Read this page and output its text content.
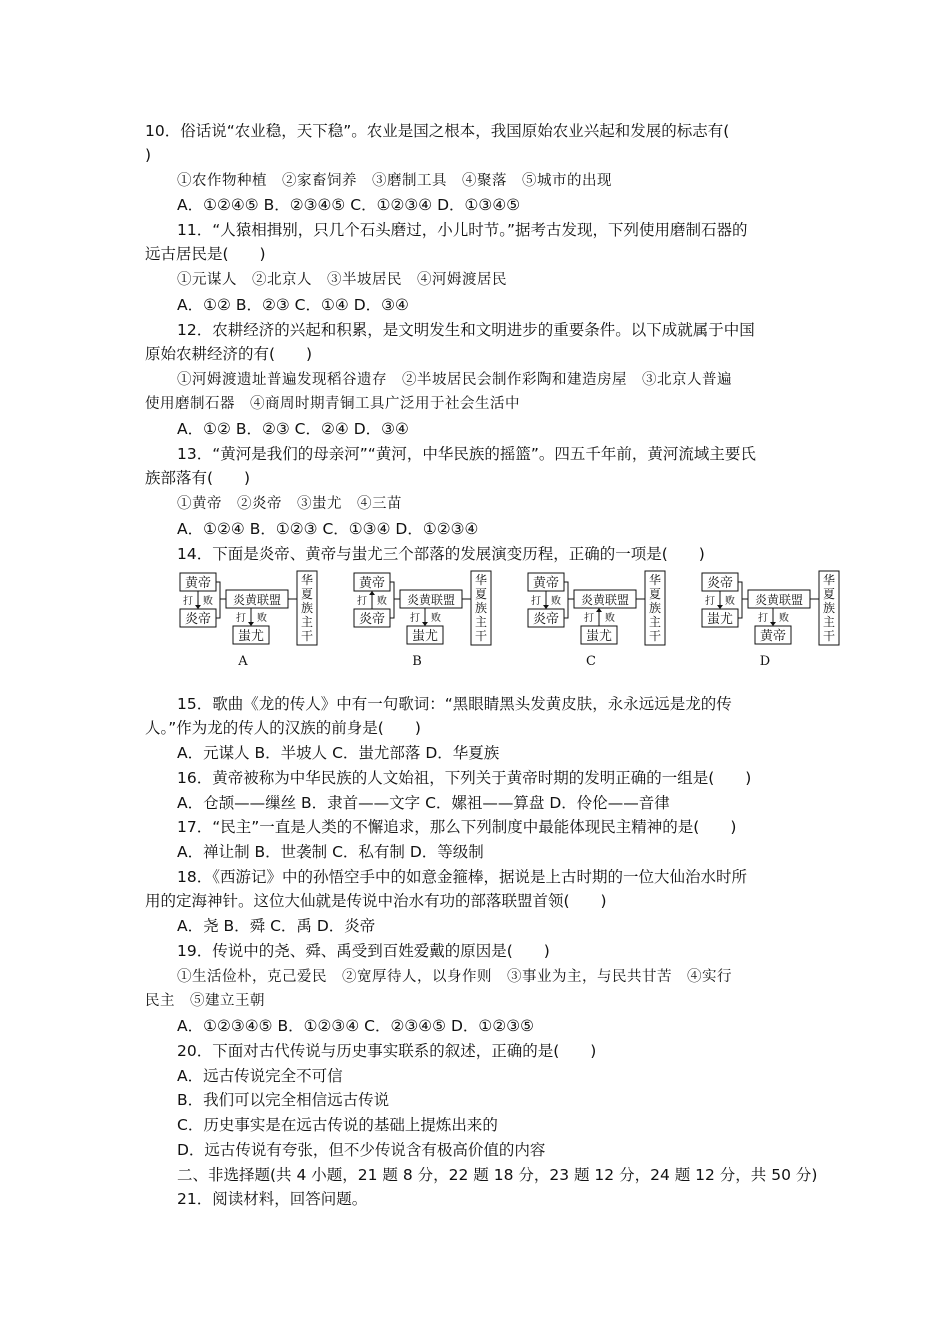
10．俗话说“农业稳，天下稳”。农业是国之根本，我国原始农业兴起和发展的标志有(
)
①农作物种植　②家畜饲养　③磨制工具　④聚落　⑤城市的出现
A．①②④⑤ B．②③④⑤ C．①②③④ D．①③④⑤
11．“人猿相揖别，只几个石头磨过，小儿时节。”据考古发现，下列使用磨制石器的
远古居民是(　　)
①元谋人　②北京人　③半坡居民　④河姆渡居民
A．①② B．②③ C．①④ D．③④
12．农耕经济的兴起和积累，是文明发生和文明进步的重要条件。以下成就属于中国
原始农耕经济的有(　　)
①河姆渡遗址普遍发现稻谷遗存　②半坡居民会制作彩陶和建造房屋　③北京人普遍
使用磨制石器　④商周时期青铜工具广泛用于社会生活中
A．①② B．②③ C．②④ D．③④
13．“黄河是我们的母亲河”“黄河，中华民族的摇篮”。四五千年前，黄河流域主要氏
族部落有(　　)
①黄帝　②炎帝　③蚩尤　④三苗
A．①②④ B．①②③ C．①③④ D．①②③④
14．下面是炎帝、黄帝与蚩尤三个部落的发展演变历程，正确的一项是(　　)
黄帝
炎帝
打 败 炎黄联盟
蚩尤
打 败
华
夏
族
主
干
A
黄帝
炎帝
打 败 炎黄联盟
蚩尤
打 败
华
夏
族
主
干
B
黄帝
炎帝
打 败 炎黄联盟
蚩尤
打 败
华
夏
族
主
干
C
炎帝
蚩尤
打 败 炎黄联盟
黄帝
打 败
华
夏
族
主
干
D
15．歌曲《龙的传人》中有一句歌词：“黑眼睛黑头发黄皮肤，永永远远是龙的传
人。”作为龙的传人的汉族的前身是(　　)
A．元谋人 B．半坡人 C．蚩尤部落 D．华夏族
16．黄帝被称为中华民族的人文始祖，下列关于黄帝时期的发明正确的一组是(　　)
A．仓颉——缫丝 B．隶首——文字 C．嫘祖——算盘 D．伶伦——音律
17．“民主”一直是人类的不懈追求，那么下列制度中最能体现民主精神的是(　　)
A．禅让制 B．世袭制 C．私有制 D．等级制
18．《西游记》中的孙悟空手中的如意金箍棒，据说是上古时期的一位大仙治水时所
用的定海神针。这位大仙就是传说中治水有功的部落联盟首领(　　)
A．尧 B．舜 C．禹 D．炎帝
19．传说中的尧、舜、禹受到百姓爱戴的原因是(　　)
①生活俭朴，克己爱民　②宽厚待人，以身作则　③事业为主，与民共甘苦　④实行
民主　⑤建立王朝
A．①②③④⑤ B．①②③④ C．②③④⑤ D．①②③⑤
20．下面对古代传说与历史事实联系的叙述，正确的是(　　)
A．远古传说完全不可信
B．我们可以完全相信远古传说
C．历史事实是在远古传说的基础上提炼出来的
D．远古传说有夸张，但不少传说含有极高价值的内容
二、非选择题(共 4 小题，21 题 8 分，22 题 18 分，23 题 12 分，24 题 12 分，共 50 分)
21．阅读材料，回答问题。
